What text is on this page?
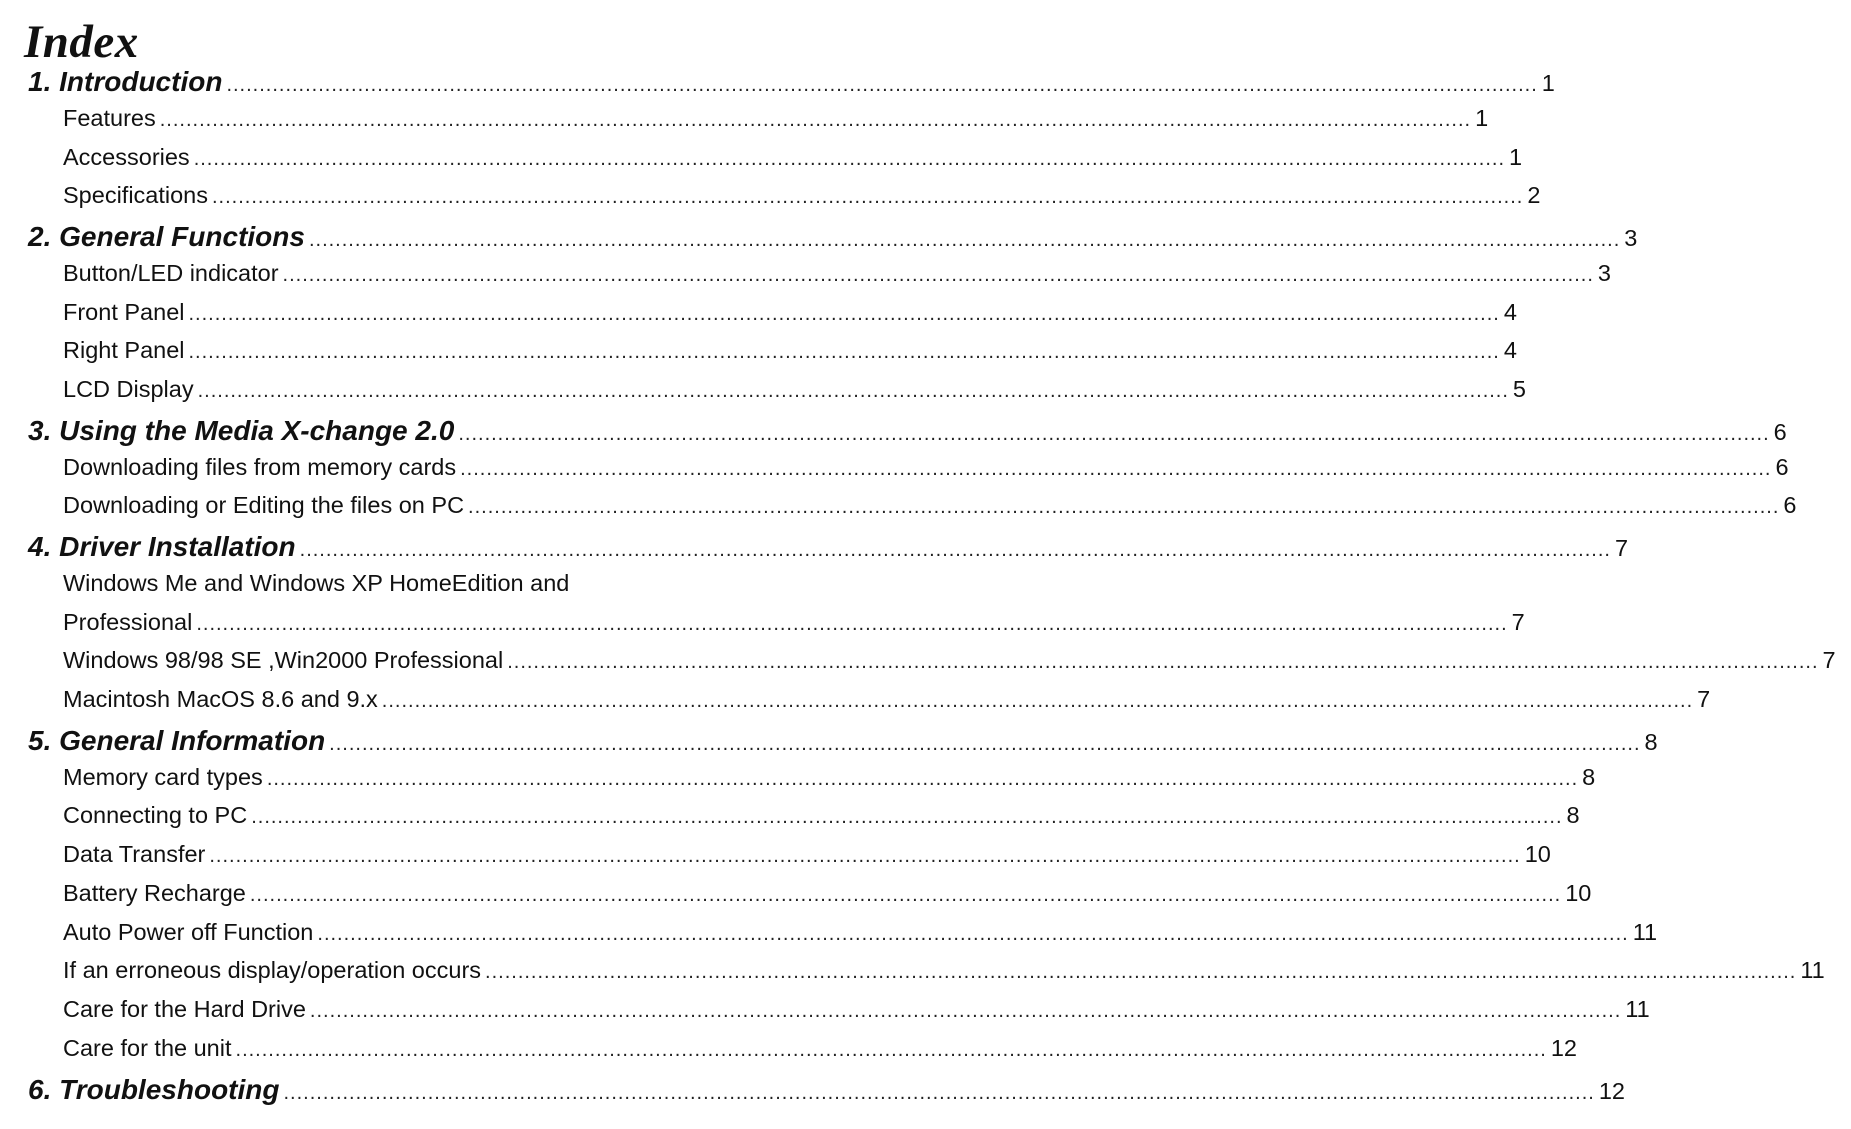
Index
1. Introduction ........................................................................................................................................................................................................ 1
Features ........................................................................................................................................................................................................ 1
Accessories ........................................................................................................................................................................................................ 1
Specifications ........................................................................................................................................................................................................ 2
2. General Functions ........................................................................................................................................................................................................ 3
Button/LED indicator ........................................................................................................................................................................................................ 3
Front Panel ........................................................................................................................................................................................................ 4
Right Panel ........................................................................................................................................................................................................ 4
LCD Display ........................................................................................................................................................................................................ 5
3. Using the Media X-change 2.0 ........................................................................................................................................................................................................ 6
Downloading files from memory cards ........................................................................................................................................................................................................ 6
Downloading or Editing the files on PC ........................................................................................................................................................................................................ 6
4. Driver Installation ........................................................................................................................................................................................................ 7
Windows Me and Windows XP HomeEdition and
Professional ........................................................................................................................................................................................................ 7
Windows 98/98 SE ,Win2000 Professional ........................................................................................................................................................................................................ 7
Macintosh MacOS 8.6 and 9.x ........................................................................................................................................................................................................ 7
5. General Information ........................................................................................................................................................................................................ 8
Memory card types ........................................................................................................................................................................................................ 8
Connecting to PC ........................................................................................................................................................................................................ 8
Data Transfer ........................................................................................................................................................................................................ 10
Battery Recharge ........................................................................................................................................................................................................ 10
Auto Power off Function ........................................................................................................................................................................................................ 11
If an erroneous display/operation occurs ........................................................................................................................................................................................................ 11
Care for the Hard Drive ........................................................................................................................................................................................................ 11
Care for the unit ........................................................................................................................................................................................................ 12
6. Troubleshooting ........................................................................................................................................................................................................ 12
